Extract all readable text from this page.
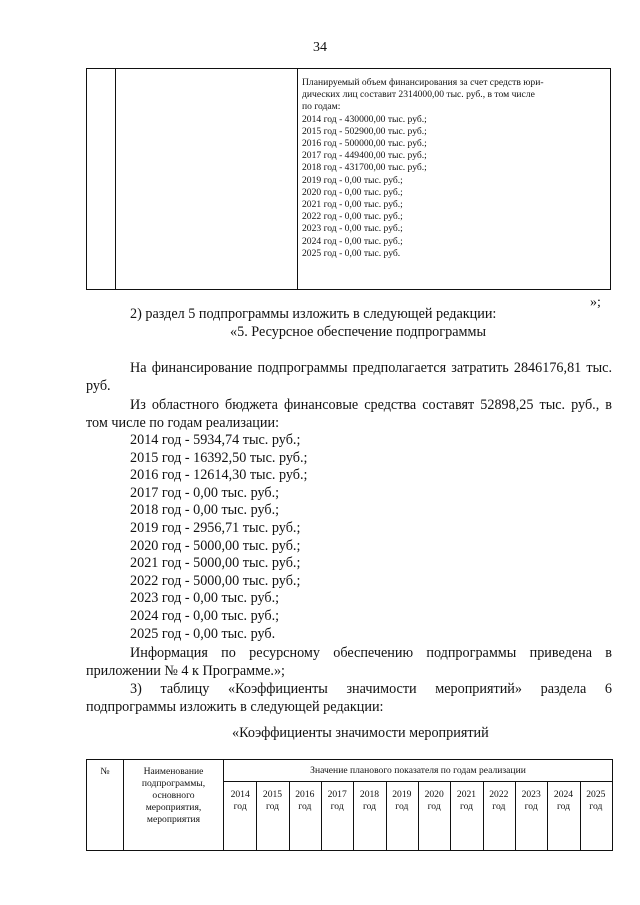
34
Планируемый объем финансирования за счет средств юри-
дических лиц составит 2314000,00 тыс. руб., в том числе
по годам:
2014 год - 430000,00 тыс. руб.;
2015 год - 502900,00 тыс. руб.;
2016 год - 500000,00 тыс. руб.;
2017 год - 449400,00 тыс. руб.;
2018 год - 431700,00 тыс. руб.;
2019 год - 0,00 тыс. руб.;
2020 год - 0,00 тыс. руб.;
2021 год - 0,00 тыс. руб.;
2022 год - 0,00 тыс. руб.;
2023 год - 0,00 тыс. руб.;
2024 год - 0,00 тыс. руб.;
2025 год - 0,00 тыс. руб.
»;
2) раздел 5 подпрограммы изложить в следующей редакции:
«5. Ресурсное обеспечение подпрограммы
На финансирование подпрограммы предполагается затратить 2846176,81 тыс. руб.
Из областного бюджета финансовые средства составят 52898,25 тыс. руб., в том числе по годам реализации:
2014 год - 5934,74 тыс. руб.;
2015 год - 16392,50 тыс. руб.;
2016 год - 12614,30 тыс. руб.;
2017 год - 0,00 тыс. руб.;
2018 год - 0,00 тыс. руб.;
2019 год - 2956,71 тыс. руб.;
2020 год - 5000,00 тыс. руб.;
2021 год - 5000,00 тыс. руб.;
2022 год - 5000,00 тыс. руб.;
2023 год - 0,00 тыс. руб.;
2024 год - 0,00 тыс. руб.;
2025 год - 0,00 тыс. руб.
Информация по ресурсному обеспечению подпрограммы приведена в приложении № 4 к Программе.»;
3) таблицу «Коэффициенты значимости мероприятий» раздела 6 подпрограммы изложить в следующей редакции:
«Коэффициенты значимости мероприятий
№	Наименование подпрограммы, основного мероприятия, мероприятия
Значение планового показателя по годам реализации
2014
год
2015
год
2016
год
2017
год
2018
год
2019
год
2020
год
2021
год
2022
год
2023
год
2024
год
2025
год
